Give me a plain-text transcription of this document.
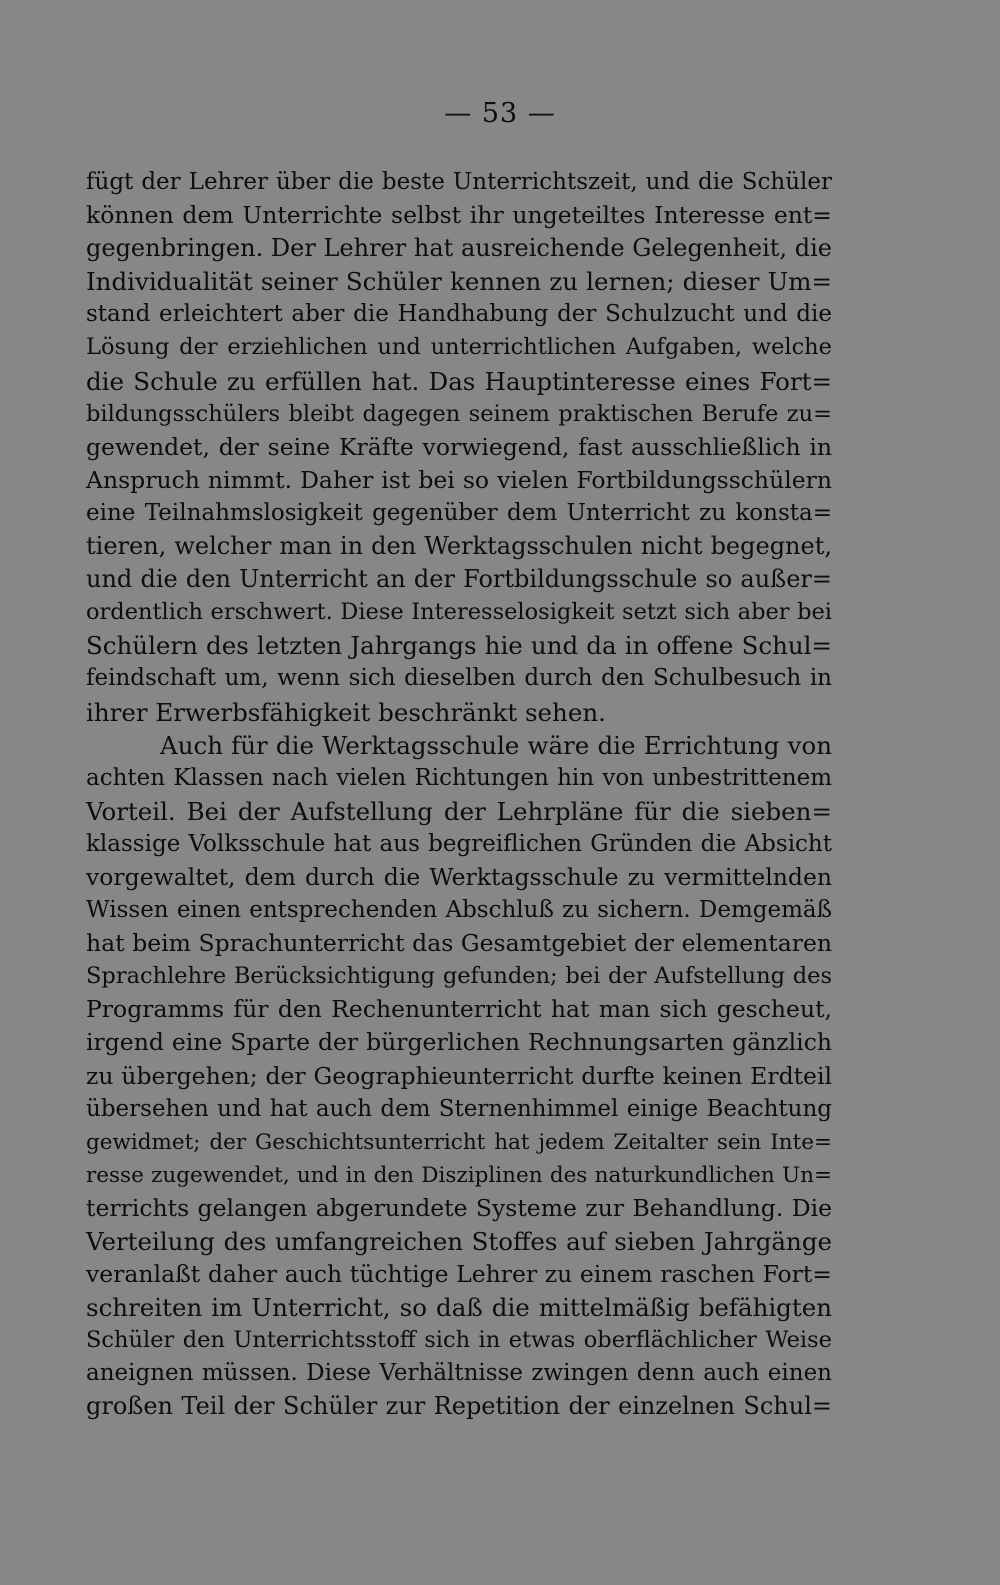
— 53 —
fügt der Lehrer über die beste Unterrichtszeit, und die Schüler
können dem Unterrichte selbst ihr ungeteiltes Interesse ent=
gegenbringen. Der Lehrer hat ausreichende Gelegenheit, die
Individualität seiner Schüler kennen zu lernen; dieser Um=
stand erleichtert aber die Handhabung der Schulzucht und die
Lösung der erziehlichen und unterrichtlichen Aufgaben, welche
die Schule zu erfüllen hat. Das Hauptinteresse eines Fort=
bildungsschülers bleibt dagegen seinem praktischen Berufe zu=
gewendet, der seine Kräfte vorwiegend, fast ausschließlich in
Anspruch nimmt. Daher ist bei so vielen Fortbildungsschülern
eine Teilnahmslosigkeit gegenüber dem Unterricht zu konsta=
tieren, welcher man in den Werktagsschulen nicht begegnet,
und die den Unterricht an der Fortbildungsschule so außer=
ordentlich erschwert. Diese Interesselosigkeit setzt sich aber bei
Schülern des letzten Jahrgangs hie und da in offene Schul=
feindschaft um, wenn sich dieselben durch den Schulbesuch in
ihrer Erwerbsfähigkeit beschränkt sehen.
Auch für die Werktagsschule wäre die Errichtung von
achten Klassen nach vielen Richtungen hin von unbestrittenem
Vorteil. Bei der Aufstellung der Lehrpläne für die sieben=
klassige Volksschule hat aus begreiflichen Gründen die Absicht
vorgewaltet, dem durch die Werktagsschule zu vermittelnden
Wissen einen entsprechenden Abschluß zu sichern. Demgemäß
hat beim Sprachunterricht das Gesamtgebiet der elementaren
Sprachlehre Berücksichtigung gefunden; bei der Aufstellung des
Programms für den Rechenunterricht hat man sich gescheut,
irgend eine Sparte der bürgerlichen Rechnungsarten gänzlich
zu übergehen; der Geographieunterricht durfte keinen Erdteil
übersehen und hat auch dem Sternenhimmel einige Beachtung
gewidmet; der Geschichtsunterricht hat jedem Zeitalter sein Inte=
resse zugewendet, und in den Disziplinen des naturkundlichen Un=
terrichts gelangen abgerundete Systeme zur Behandlung. Die
Verteilung des umfangreichen Stoffes auf sieben Jahrgänge
veranlaßt daher auch tüchtige Lehrer zu einem raschen Fort=
schreiten im Unterricht, so daß die mittelmäßig befähigten
Schüler den Unterrichtsstoff sich in etwas oberflächlicher Weise
aneignen müssen. Diese Verhältnisse zwingen denn auch einen
großen Teil der Schüler zur Repetition der einzelnen Schul=
